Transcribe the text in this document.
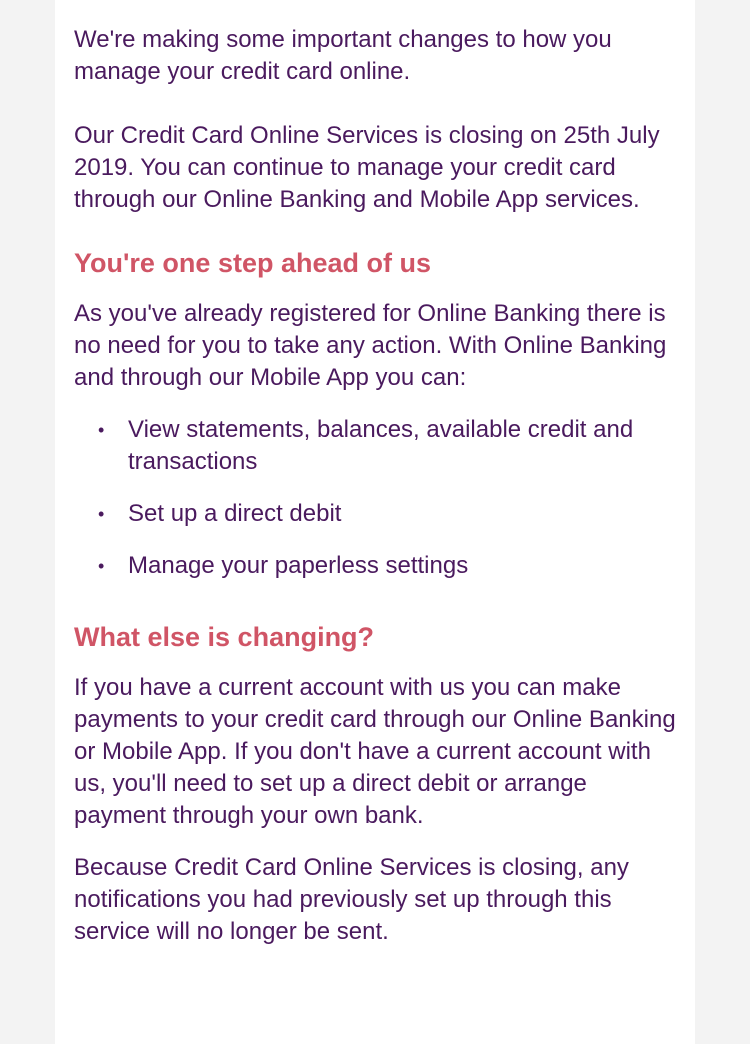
We're making some important changes to how you manage your credit card online.

Our Credit Card Online Services is closing on 25th July 2019. You can continue to manage your credit card through our Online Banking and Mobile App services.

You're one step ahead of us

As you've already registered for Online Banking there is no need for you to take any action. With Online Banking and through our Mobile App you can:

• View statements, balances, available credit and transactions
• Set up a direct debit
• Manage your paperless settings
What else is changing?

If you have a current account with us you can make payments to your credit card through our Online Banking or Mobile App. If you don't have a current account with us, you'll need to set up a direct debit or arrange payment through your own bank.

Because Credit Card Online Services is closing, any notifications you had previously set up through this service will no longer be sent.
